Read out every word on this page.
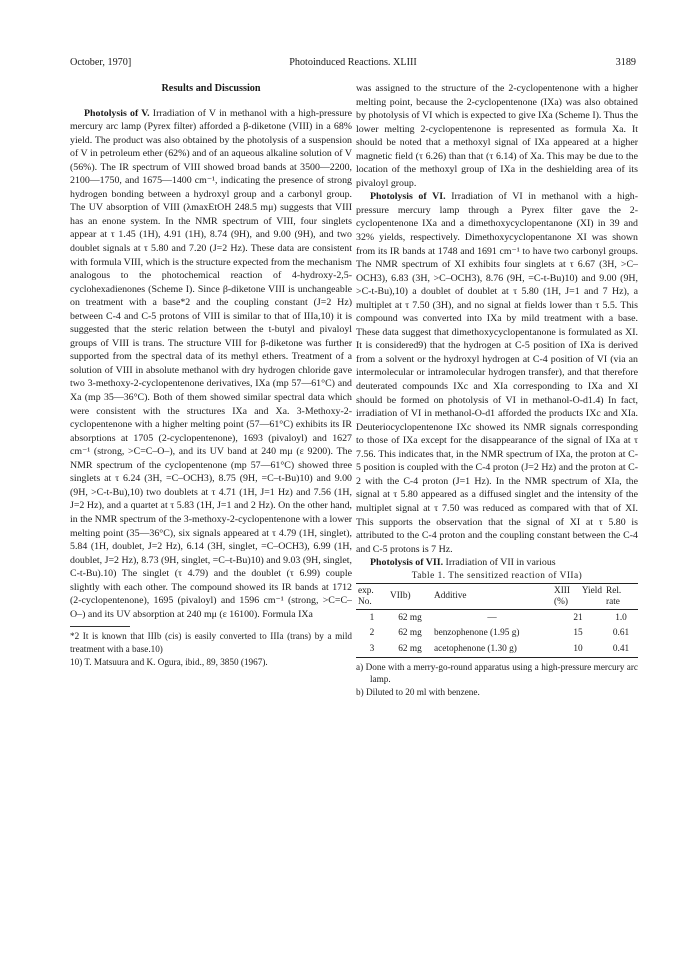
October, 1970]	Photoinduced Reactions. XLIII	3189
Results and Discussion

Photolysis of V. Irradiation of V in methanol with a high-pressure mercury arc lamp (Pyrex filter) afforded a β-diketone (VIII) in a 68% yield. The product was also obtained by the photolysis of a suspension of V in petroleum ether (62%) and of an aqueous alkaline solution of V (56%). The IR spectrum of VIII showed broad bands at 3500—2200, 2100—1750, and 1675—1400 cm⁻¹, indicating the presence of strong hydrogen bonding between a hydroxyl group and a carbonyl group. The UV absorption of VIII (λmaxEtOH 248.5 mμ) suggests that VIII has an enone system. In the NMR spectrum of VIII, four singlets appear at τ 1.45 (1H), 4.91 (1H), 8.74 (9H), and 9.00 (9H), and two doublet signals at τ 5.80 and 7.20 (J=2 Hz). These data are consistent with formula VIII, which is the structure expected from the mechanism analogous to the photochemical reaction of 4-hydroxy-2,5-cyclohexadienones (Scheme I). Since β-diketone VIII is unchangeable on treatment with a base*2 and the coupling constant (J=2 Hz) between C-4 and C-5 protons of VIII is similar to that of IIIa,10) it is suggested that the steric relation between the t-butyl and pivaloyl groups of VIII is trans. The structure VIII for β-diketone was further supported from the spectral data of its methyl ethers. Treatment of a solution of VIII in absolute methanol with dry hydrogen chloride gave two 3-methoxy-2-cyclopentenone derivatives, IXa (mp 57—61°C) and Xa (mp 35—36°C). Both of them showed similar spectral data which were consistent with the structures IXa and Xa. 3-Methoxy-2-cyclopentenone with a higher melting point (57—61°C) exhibits its IR absorptions at 1705 (2-cyclopentenone), 1693 (pivaloyl) and 1627 cm⁻¹ (strong, >C=C–O–), and its UV band at 240 mμ (ε 9200). The NMR spectrum of the cyclopentenone (mp 57—61°C) showed three singlets at τ 6.24 (3H, =C–OCH3), 8.75 (9H, =C–t-Bu)10) and 9.00 (9H, >C-t-Bu),10) two doublets at τ 4.71 (1H, J=1 Hz) and 7.56 (1H, J=2 Hz), and a quartet at τ 5.83 (1H, J=1 and 2 Hz). On the other hand, in the NMR spectrum of the 3-methoxy-2-cyclopentenone with a lower melting point (35—36°C), six signals appeared at τ 4.79 (1H, singlet), 5.84 (1H, doublet, J=2 Hz), 6.14 (3H, singlet, =C–OCH3), 6.99 (1H, doublet, J=2 Hz), 8.73 (9H, singlet, =C–t-Bu)10) and 9.03 (9H, singlet, C-t-Bu).10) The singlet (τ 4.79) and the doublet (τ 6.99) couple slightly with each other. The compound showed its IR bands at 1712 (2-cyclopentenone), 1695 (pivaloyl) and 1596 cm⁻¹ (strong, >C=C–O–) and its UV absorption at 240 mμ (ε 16100). Formula IXa

*2 It is known that IIIb (cis) is easily converted to IIIa (trans) by a mild treatment with a base.10)

10) T. Matsuura and K. Ogura, ibid., 89, 3850 (1967).

was assigned to the structure of the 2-cyclopentenone with a higher melting point, because the 2-cyclopentenone (IXa) was also obtained by photolysis of VI which is expected to give IXa (Scheme I). Thus the lower melting 2-cyclopentenone is represented as formula Xa. It should be noted that a methoxyl signal of IXa appeared at a higher magnetic field (τ 6.26) than that (τ 6.14) of Xa. This may be due to the location of the methoxyl group of IXa in the deshielding area of its pivaloyl group.

Photolysis of VI. Irradiation of VI in methanol with a high-pressure mercury lamp through a Pyrex filter gave the 2-cyclopentenone IXa and a dimethoxycyclopentanone (XI) in 39 and 32% yields, respectively. Dimethoxycyclopentanone XI was shown from its IR bands at 1748 and 1691 cm⁻¹ to have two carbonyl groups. The NMR spectrum of XI exhibits four singlets at τ 6.67 (3H, >C–OCH3), 6.83 (3H, >C–OCH3), 8.76 (9H, =C-t-Bu)10) and 9.00 (9H, >C-t-Bu),10) a doublet of doublet at τ 5.80 (1H, J=1 and 7 Hz), a multiplet at τ 7.50 (3H), and no signal at fields lower than τ 5.5. This compound was converted into IXa by mild treatment with a base. These data suggest that dimethoxycyclopentanone is formulated as XI. It is considered9) that the hydrogen at C-5 position of IXa is derived from a solvent or the hydroxyl hydrogen at C-4 position of VI (via an intermolecular or intramolecular hydrogen transfer), and that therefore deuterated compounds IXc and XIa corresponding to IXa and XI should be formed on photolysis of VI in methanol-O-d1.4) In fact, irradiation of VI in methanol-O-d1 afforded the products IXc and XIa. Deuteriocyclopentenone IXc showed its NMR signals corresponding to those of IXa except for the disappearance of the signal of IXa at τ 7.56. This indicates that, in the NMR spectrum of IXa, the proton at C-5 position is coupled with the C-4 proton (J=2 Hz) and the proton at C-2 with the C-4 proton (J=1 Hz). In the NMR spectrum of XIa, the signal at τ 5.80 appeared as a diffused singlet and the intensity of the multiplet signal at τ 7.50 was reduced as compared with that of XI. This supports the observation that the signal of XI at τ 5.80 is attributed to the C-4 proton and the coupling constant between the C-4 and C-5 protons is 7 Hz.

Photolysis of VII. Irradiation of VII in various

Table 1. The sensitized reaction of VIIa)

exp. No.	VIIb)	Additive	XIII Yield (%)	Rel. rate
1	62 mg	—	21	1.0
2	62 mg	benzophenone (1.95 g)	15	0.61
3	62 mg	acetophenone (1.30 g)	10	0.41
a) Done with a merry-go-round apparatus using a high-pressure mercury arc lamp.
b) Diluted to 20 ml with benzene.
